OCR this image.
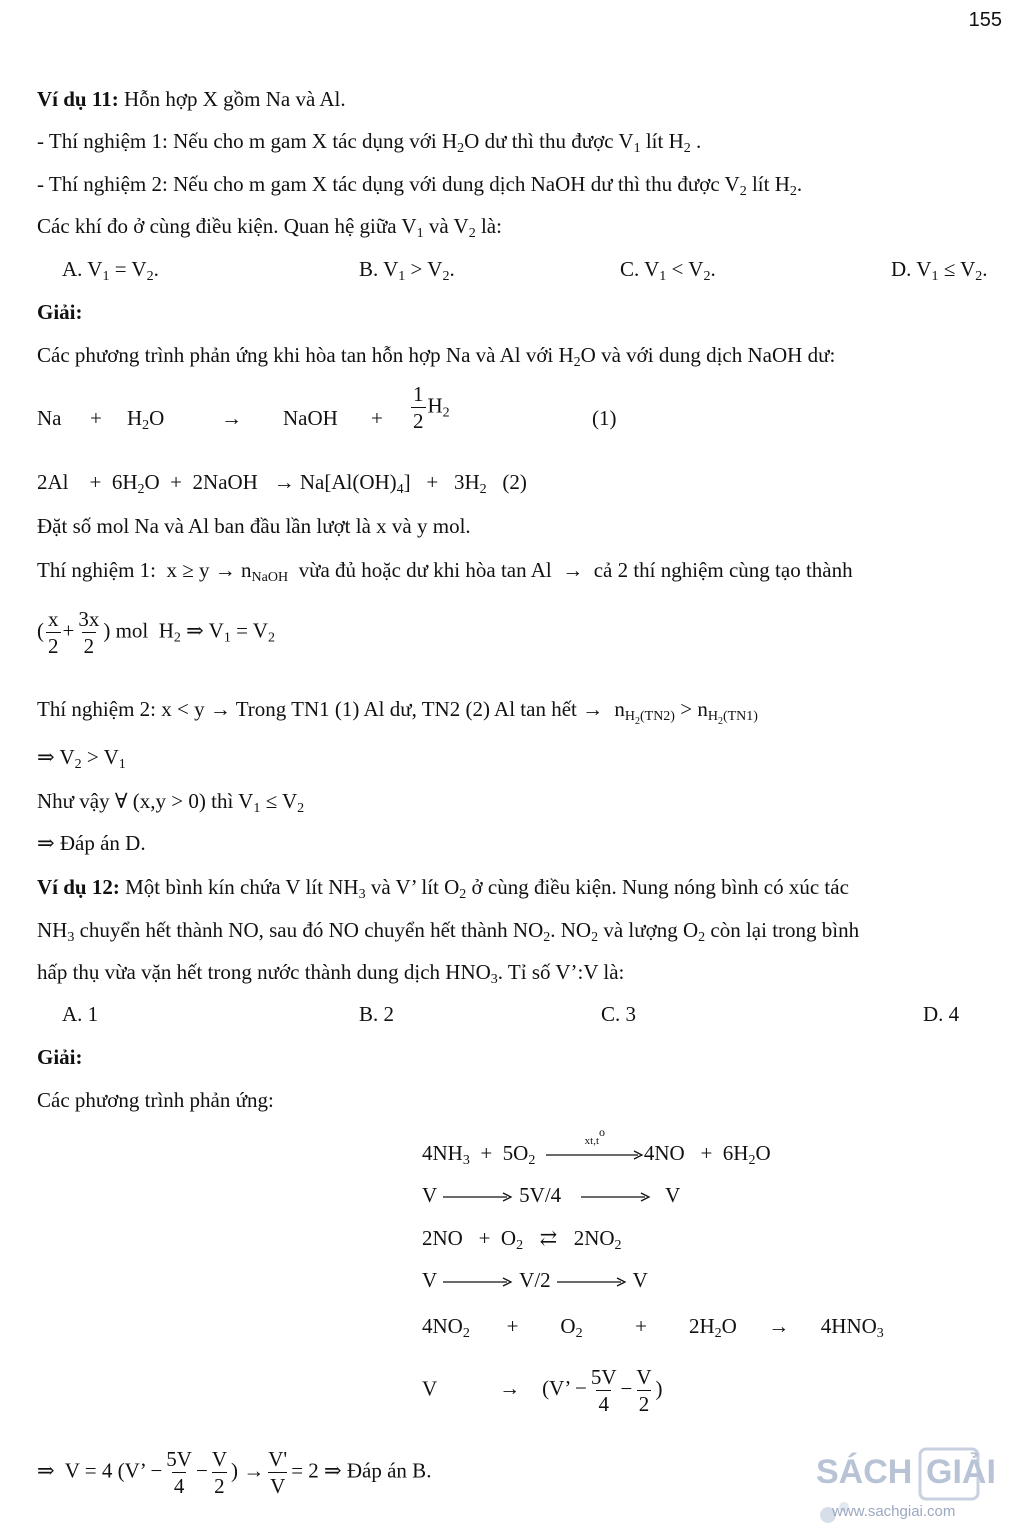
155
Ví dụ 11: Hỗn hợp X gồm Na và Al.
- Thí nghiệm 1: Nếu cho m gam X tác dụng với $H_2O$ dư thì thu được $V_1$ lít $H_2$ .
- Thí nghiệm 2: Nếu cho m gam X tác dụng với dung dịch NaOH dư thì thu được $V_2$ lít $H_2$.
Các khí đo ở cùng điều kiện. Quan hệ giữa $V_1$ và $V_2$ là:
A. $V_1 = V_2$.	B. $V_1 > V_2$.	C. $V_1 < V_2$.	D. $V_1 \le V_2$.
Giải:
Các phương trình phản ứng khi hòa tan hỗn hợp Na và Al với $H_2O$ và với dung dịch NaOH dư:
$Na + H_2O$	→ NaOH + $\frac{1}{2} H_2$	(1)
2Al    +  $6H_2O$  +  2NaOH   → $Na[Al(OH)_4] + 3H_2$   (2)
Đặt số mol Na và Al ban đầu lần lượt là x và y mol.
Thí nghiệm 1:  $x \ge y \to n_{NaOH}$  vừa đủ hoặc dư khi hòa tan Al  →  cả 2 thí nghiệm cùng tạo thành
( $\frac{x}{2} + \frac{3x}{2}$ ) mol  $H_2$ ⇒ $V_1 = V_2$
Thí nghiệm 2: x < y → Trong TN1 (1) Al dư, TN2 (2) Al tan hết → $n_{H_2(TN2)} > n_{H_2(TN1)}$
⇒ $V_2 > V_1$
Như vậy ∀ (x,y > 0) thì $V_1 \le V_2$
⇒ Đáp án D.
Ví dụ 12: Một bình kín chứa V lít $NH_3$ và V’ lít $O_2$ ở cùng điều kiện. Nung nóng bình có xúc tác
$NH_3$ chuyển hết thành NO, sau đó NO chuyển hết thành $NO_2$. $NO_2$ và lượng $O_2$ còn lại trong bình
hấp thụ vừa vặn hết trong nước thành dung dịch $HNO_3$. Tỉ số V’:V là:
A. 1	B. 2	C. 3	D. 4
Giải:
Các phương trình phản ứng:
$4NH_3 + 5O_2$
$xt,t^o$
$4NO + 6H_2O$
V	5V/4	V
$2NO + O_2$ ⇄ $2NO_2$
V	V/2	V
$4NO_2$       +        $O_2$          +        $2H_2O$      →      $4HNO_3$
V	→ (V’ − $\frac{5V}{4} - \frac{V}{2}$ )
⇒  V = 4 (V’ − $\frac{5V}{4} - \frac{V}{2}$ ) → $\frac{V'}{V} = 2$ ⇒ Đáp án B.	SÁCH GIẢI
www.sachgiai.com
